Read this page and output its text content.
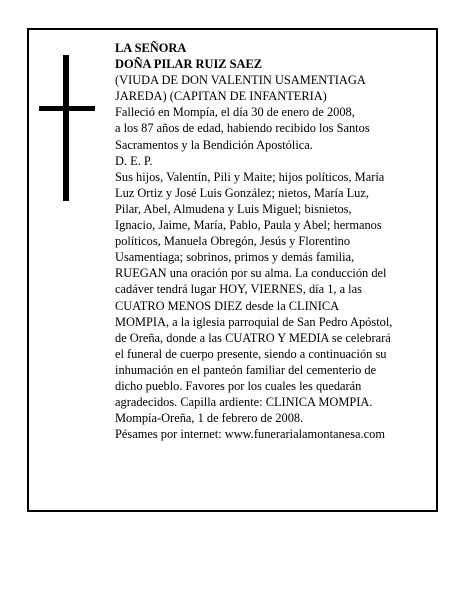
LA SEÑORA

DOÑA PILAR RUIZ SAEZ

(VIUDA DE DON VALENTIN USAMENTIAGA

JAREDA) (CAPITAN DE INFANTERIA)

Falleció en Mompía, el día 30 de enero de 2008,

a los 87 años de edad, habiendo recibido los Santos

Sacramentos y la Bendición Apostólica.

D. E. P.

Sus hijos, Valentín, Pili y Maite; hijos políticos, María

Luz Ortiz y José Luis González; nietos, María Luz,

Pilar, Abel, Almudena y Luis Miguel; bisnietos,

Ignacio, Jaime, María, Pablo, Paula y Abel; hermanos

políticos, Manuela Obregón, Jesús y Florentino

Usamentiaga; sobrinos, primos y demás familia,

RUEGAN una oración por su alma. La conducción del

cadáver tendrá lugar HOY, VIERNES, día 1, a las

CUATRO MENOS DIEZ desde la CLINICA

MOMPIA, a la iglesia parroquial de San Pedro Apóstol,

de Oreña, donde a las CUATRO Y MEDIA se celebrará

el funeral de cuerpo presente, siendo a continuación su

inhumación en el panteón familiar del cementerio de

dicho pueblo. Favores por los cuales les quedarán

agradecidos. Capilla ardiente: CLINICA MOMPIA.

Mompía-Oreña, 1 de febrero de 2008.

Pésames por internet: www.funerarialamontanesa.com
